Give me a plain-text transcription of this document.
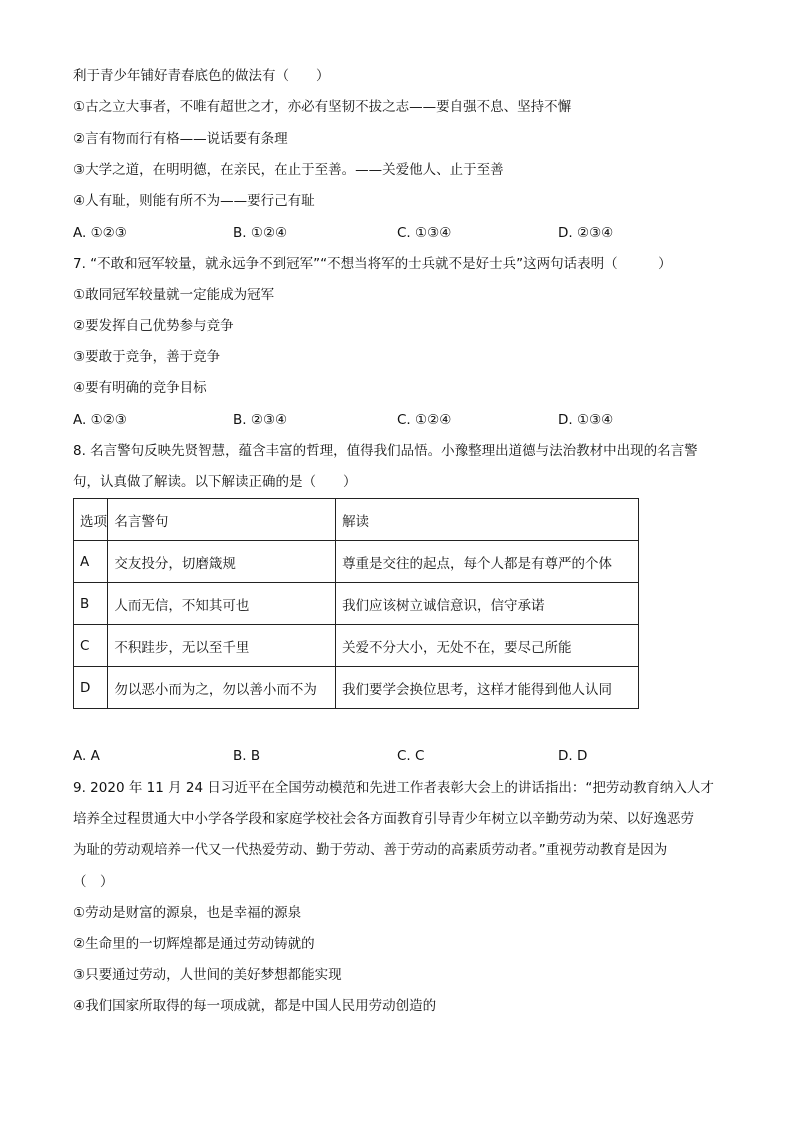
利于青少年铺好青春底色的做法有（　　）
①古之立大事者，不唯有超世之才，亦必有坚韧不拔之志——要自强不息、坚持不懈
②言有物而行有格——说话要有条理
③大学之道，在明明德，在亲民，在止于至善。——关爱他人、止于至善
④人有耻，则能有所不为——要行己有耻
A. ①②③	B. ①②④	C. ①③④	D. ②③④
7. “不敢和冠军较量，就永远争不到冠军”“不想当将军的士兵就不是好士兵”这两句话表明（　　　）
①敢同冠军较量就一定能成为冠军
②要发挥自己优势参与竞争
③要敢于竞争，善于竞争
④要有明确的竞争目标
A. ①②③	B. ②③④	C. ①②④	D. ①③④
8. 名言警句反映先贤智慧，蕴含丰富的哲理，值得我们品悟。小豫整理出道德与法治教材中出现的名言警
句，认真做了解读。以下解读正确的是（　　）
选项	名言警句	解读
A	交友投分，切磨箴规	尊重是交往的起点，每个人都是有尊严的个体
B	人而无信，不知其可也	我们应该树立诚信意识，信守承诺
C	不积跬步，无以至千里	关爱不分大小，无处不在，要尽己所能
D	勿以恶小而为之，勿以善小而不为	我们要学会换位思考，这样才能得到他人认同
A. A	B. B	C. C	D. D
9. 2020 年 11 月 24 日习近平在全国劳动模范和先进工作者表彰大会上的讲话指出：“把劳动教育纳入人才
培养全过程贯通大中小学各学段和家庭学校社会各方面教育引导青少年树立以辛勤劳动为荣、以好逸恶劳
为耻的劳动观培养一代又一代热爱劳动、勤于劳动、善于劳动的高素质劳动者。”重视劳动教育是因为
（　）
①劳动是财富的源泉，也是幸福的源泉
②生命里的一切辉煌都是通过劳动铸就的
③只要通过劳动，人世间的美好梦想都能实现
④我们国家所取得的每一项成就，都是中国人民用劳动创造的
